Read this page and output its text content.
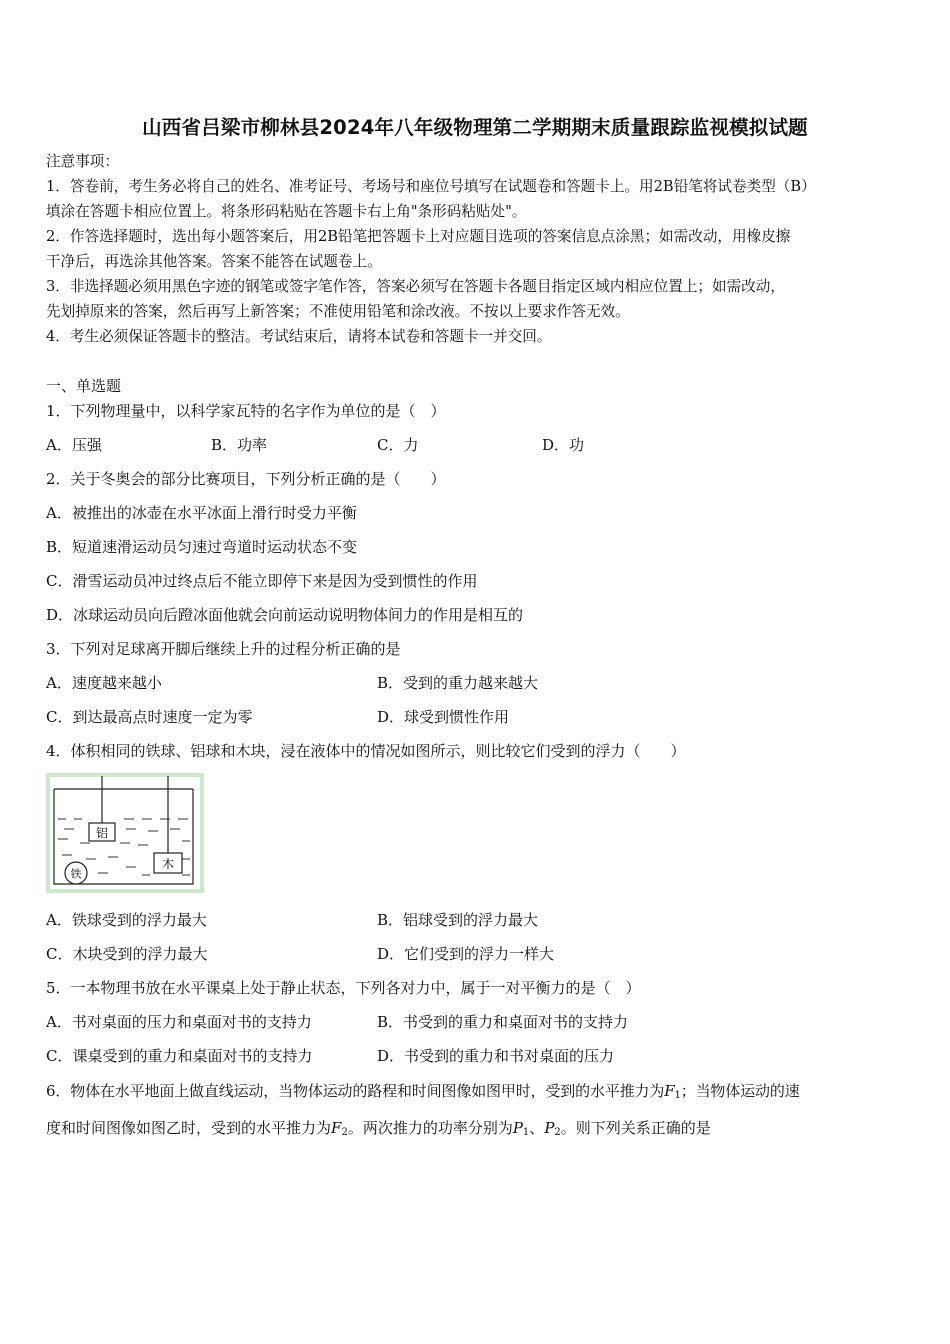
山西省吕梁市柳林县2024年八年级物理第二学期期末质量跟踪监视模拟试题
注意事项：
1．答卷前，考生务必将自己的姓名、准考证号、考场号和座位号填写在试题卷和答题卡上。用2B铅笔将试卷类型（B）
填涂在答题卡相应位置上。将条形码粘贴在答题卡右上角"条形码粘贴处"。
2．作答选择题时，选出每小题答案后，用2B铅笔把答题卡上对应题目选项的答案信息点涂黑；如需改动，用橡皮擦
干净后，再选涂其他答案。答案不能答在试题卷上。
3．非选择题必须用黑色字迹的钢笔或签字笔作答，答案必须写在答题卡各题目指定区域内相应位置上；如需改动，
先划掉原来的答案，然后再写上新答案；不准使用铅笔和涂改液。不按以上要求作答无效。
4．考生必须保证答题卡的整洁。考试结束后，请将本试卷和答题卡一并交回。
一、单选题
1．下列物理量中，以科学家瓦特的名字作为单位的是（　）
A．压强	B．功率	C．力	D．功
2．关于冬奥会的部分比赛项目，下列分析正确的是（　　）
A．被推出的冰壶在水平冰面上滑行时受力平衡
B．短道速滑运动员匀速过弯道时运动状态不变
C．滑雪运动员冲过终点后不能立即停下来是因为受到惯性的作用
D．冰球运动员向后蹬冰面他就会向前运动说明物体间力的作用是相互的
3．下列对足球离开脚后继续上升的过程分析正确的是
A．速度越来越小	B．受到的重力越来越大
C．到达最高点时速度一定为零	D．球受到惯性作用
4．体积相同的铁球、铝球和木块，浸在液体中的情况如图所示，则比较它们受到的浮力（　　）
铝
木
铁
A．铁球受到的浮力最大	B．铝球受到的浮力最大
C．木块受到的浮力最大	D．它们受到的浮力一样大
5．一本物理书放在水平课桌上处于静止状态，下列各对力中，属于一对平衡力的是（　）
A．书对桌面的压力和桌面对书的支持力	B．书受到的重力和桌面对书的支持力
C．课桌受到的重力和桌面对书的支持力	D．书受到的重力和书对桌面的压力
6．物体在水平地面上做直线运动，当物体运动的路程和时间图像如图甲时，受到的水平推力为$F_1$；当物体运动的速
度和时间图像如图乙时，受到的水平推力为$F_2$。两次推力的功率分别为$P_1$、$P_2$。则下列关系正确的是
